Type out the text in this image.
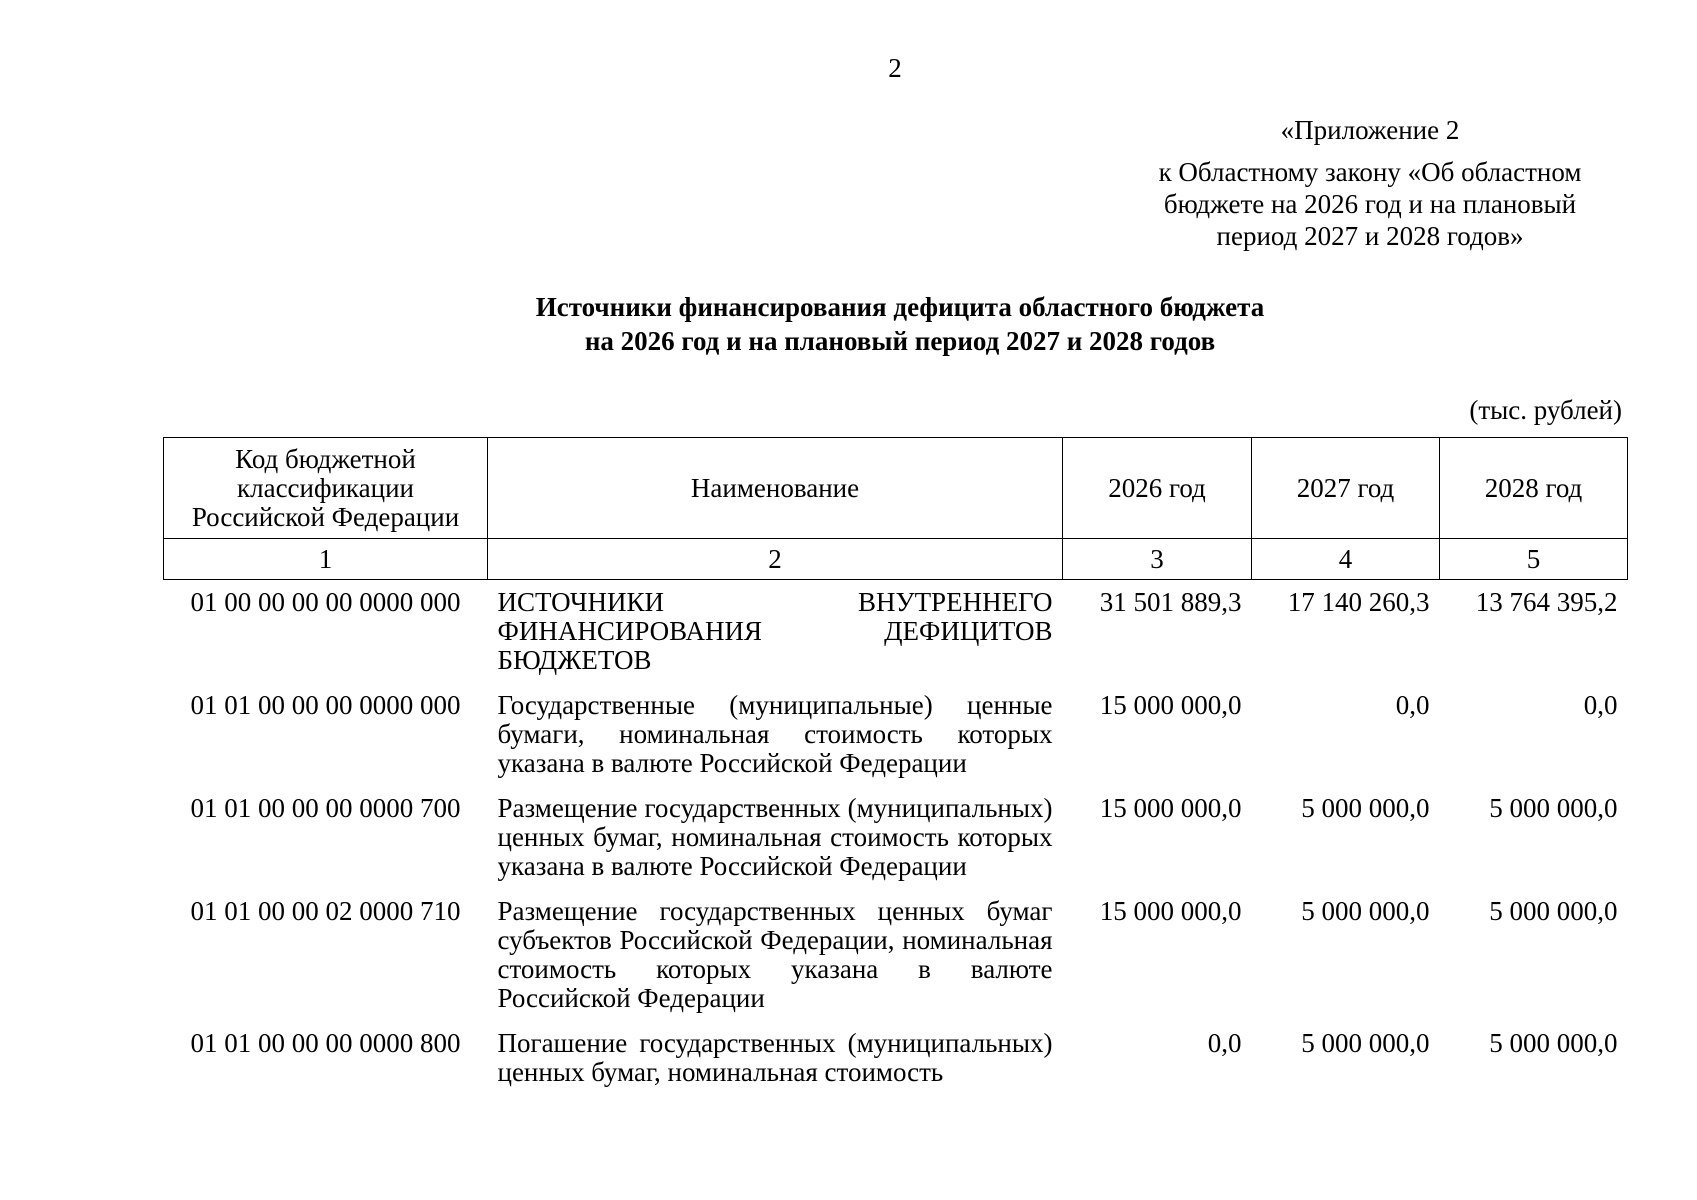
2
«Приложение 2
к Областному закону «Об областном
бюджете на 2026 год и на плановый
период 2027 и 2028 годов»
Источники финансирования дефицита областного бюджета
на 2026 год и на плановый период 2027 и 2028 годов
(тыс. рублей)
Код бюджетной классификации Российской Федерации	Наименование	2026 год	2027 год	2028 год
1	2	3	4	5
01 00 00 00 00 0000 000	ИСТОЧНИКИ ВНУТРЕННЕГО ФИНАНСИРОВАНИЯ ДЕФИЦИТОВ БЮДЖЕТОВ	31 501 889,3	17 140 260,3	13 764 395,2
01 01 00 00 00 0000 000	Государственные (муниципальные) ценные бумаги, номинальная стоимость которых указана в валюте Российской Федерации	15 000 000,0	0,0	0,0
01 01 00 00 00 0000 700	Размещение государственных (муниципальных) ценных бумаг, номинальная стоимость которых указана в валюте Российской Федерации	15 000 000,0	5 000 000,0	5 000 000,0
01 01 00 00 02 0000 710	Размещение государственных ценных бумаг субъектов Российской Федерации, номинальная стоимость которых указана в валюте Российской Федерации	15 000 000,0	5 000 000,0	5 000 000,0
01 01 00 00 00 0000 800	Погашение государственных (муниципальных) ценных бумаг, номинальная стоимость	0,0	5 000 000,0	5 000 000,0
